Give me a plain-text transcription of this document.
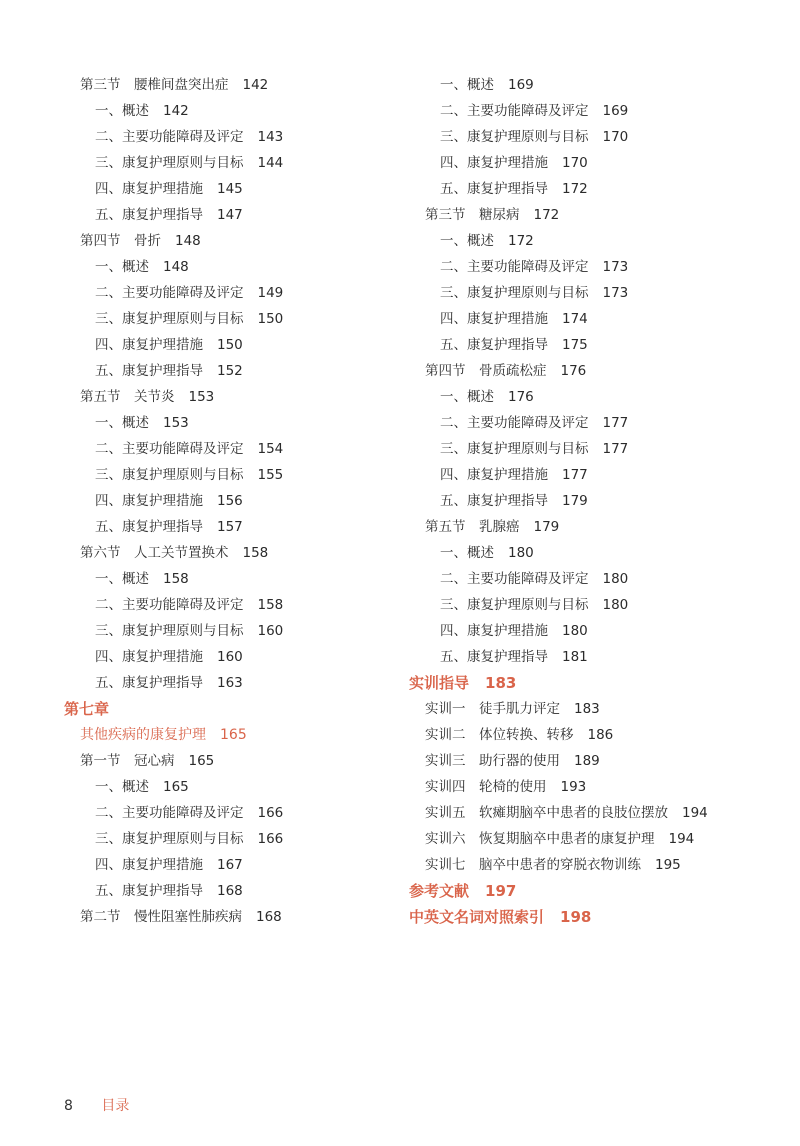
第三节　腰椎间盘突出症 142
一、概述 142
二、主要功能障碍及评定 143
三、康复护理原则与目标 144
四、康复护理措施 145
五、康复护理指导 147
第四节　骨折 148
一、概述 148
二、主要功能障碍及评定 149
三、康复护理原则与目标 150
四、康复护理措施 150
五、康复护理指导 152
第五节　关节炎 153
一、概述 153
二、主要功能障碍及评定 154
三、康复护理原则与目标 155
四、康复护理措施 156
五、康复护理指导 157
第六节　人工关节置换术 158
一、概述 158
二、主要功能障碍及评定 158
三、康复护理原则与目标 160
四、康复护理措施 160
五、康复护理指导 163
第七章
其他疾病的康复护理 165
第一节　冠心病 165
一、概述 165
二、主要功能障碍及评定 166
三、康复护理原则与目标 166
四、康复护理措施 167
五、康复护理指导 168
第二节　慢性阻塞性肺疾病 168
一、概述 169
二、主要功能障碍及评定 169
三、康复护理原则与目标 170
四、康复护理措施 170
五、康复护理指导 172
第三节　糖尿病 172
一、概述 172
二、主要功能障碍及评定 173
三、康复护理原则与目标 173
四、康复护理措施 174
五、康复护理指导 175
第四节　骨质疏松症 176
一、概述 176
二、主要功能障碍及评定 177
三、康复护理原则与目标 177
四、康复护理措施 177
五、康复护理指导 179
第五节　乳腺癌 179
一、概述 180
二、主要功能障碍及评定 180
三、康复护理原则与目标 180
四、康复护理措施 180
五、康复护理指导 181
实训指导 183
实训一　徒手肌力评定 183
实训二　体位转换、转移 186
实训三　助行器的使用 189
实训四　轮椅的使用 193
实训五　软瘫期脑卒中患者的良肢位摆放 194
实训六　恢复期脑卒中患者的康复护理 194
实训七　脑卒中患者的穿脱衣物训练 195
参考文献 197
中英文名词对照索引 198
8 目录
